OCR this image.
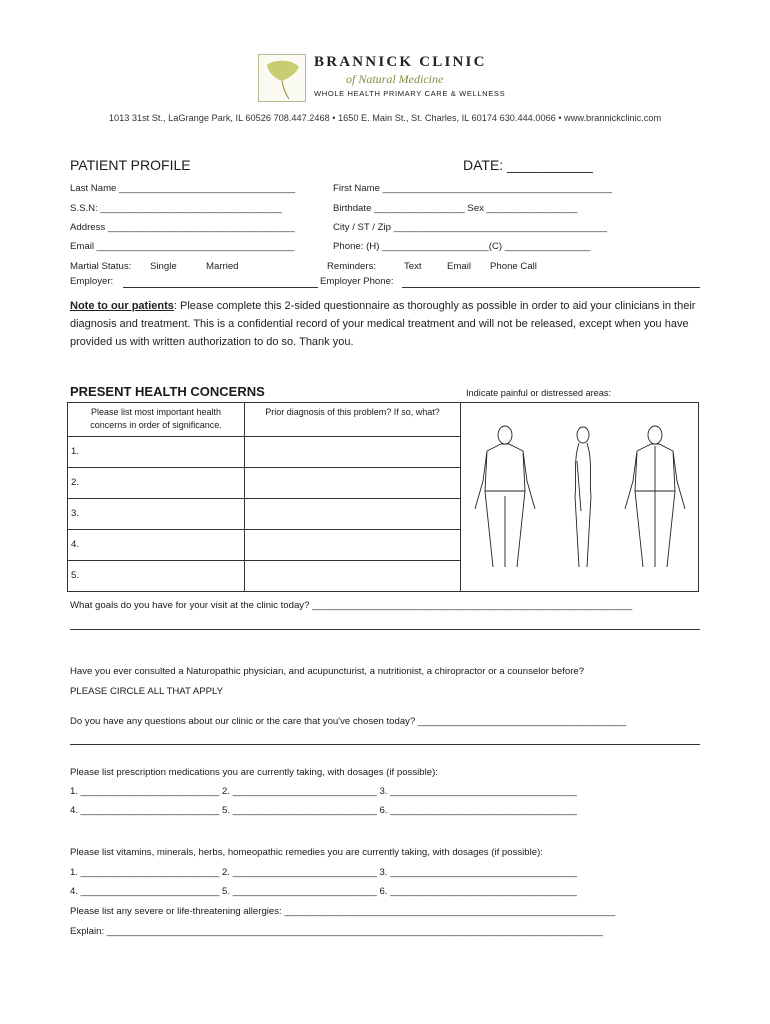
BRANNICK CLINIC
of Natural Medicine
WHOLE HEALTH PRIMARY CARE & WELLNESS
1013 31st St., LaGrange Park, IL 60526 708.447.2468 • 1650 E. Main St., St. Charles, IL 60174 630.444.0066 • www.brannickclinic.com
PATIENT PROFILE	DATE: ___________
Last Name _________________________________	First Name ___________________________________________
S.S.N: __________________________________	Birthdate _________________ Sex _________________
Address ___________________________________	City / ST / Zip ________________________________________
Email _____________________________________	Phone: (H) ____________________(C) ________________
Martial Status: Single	Married	Reminders:	Text	Email Phone Call
Employer:	Employer Phone:
Note to our patients: Please complete this 2-sided questionnaire as thoroughly as possible in order to aid your clinicians in their diagnosis and treatment. This is a confidential record of your medical treatment and will not be released, except when you have provided us with written authorization to do so. Thank you.
PRESENT HEALTH CONCERNS	Indicate painful or distressed areas:
Please list most important health concerns in order of significance.	Prior diagnosis of this problem? If so, what?	
1.		
2.		
3.		
4.		
5.		
What goals do you have for your visit at the clinic today? ____________________________________________________________
Have you ever consulted a Naturopathic physician, and acupuncturist, a nutritionist, a chiropractor or a counselor before?
PLEASE CIRCLE ALL THAT APPLY
Do you have any questions about our clinic or the care that you've chosen today? _______________________________________
Please list prescription medications you are currently taking, with dosages (if possible):
1. __________________________ 2. ___________________________ 3. ___________________________________
4. __________________________ 5. ___________________________ 6. ___________________________________
Please list vitamins, minerals, herbs, homeopathic remedies you are currently taking, with dosages (if possible):
1. __________________________ 2. ___________________________ 3. ___________________________________
4. __________________________ 5. ___________________________ 6. ___________________________________
Please list any severe or life-threatening allergies: ______________________________________________________________
Explain: _____________________________________________________________________________________________
